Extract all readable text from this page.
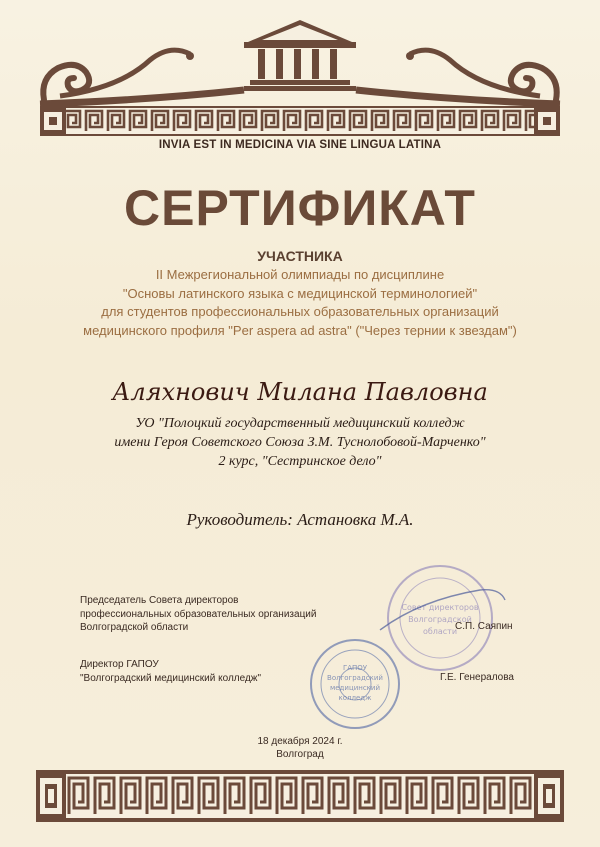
INVIA EST IN MEDICINA VIA SINE LINGUA LATINA
СЕРТИФИКАТ
УЧАСТНИКА
II Межрегиональной олимпиады по дисциплине
"Основы латинского языка с медицинской терминологией"
для студентов профессиональных образовательных организаций
медицинского профиля "Per aspera ad astra" ("Через тернии к звездам")
Аляхнович Милана Павловна
УО "Полоцкий государственный медицинский колледж
имени Героя Советского Союза З.М. Туснолобовой-Марченко"
2 курс, "Сестринское дело"
Руководитель: Астановка М.А.
Совет директоров
Волгоградской
области
ГАПОУ
Волгоградский
медицинский
колледж
Председатель Совета директоров
профессиональных образовательных организаций
Волгоградской области	С.П. Саяпин
Директор ГАПОУ
"Волгоградский медицинский колледж"	Г.Е. Генералова
18 декабря 2024 г.
Волгоград
